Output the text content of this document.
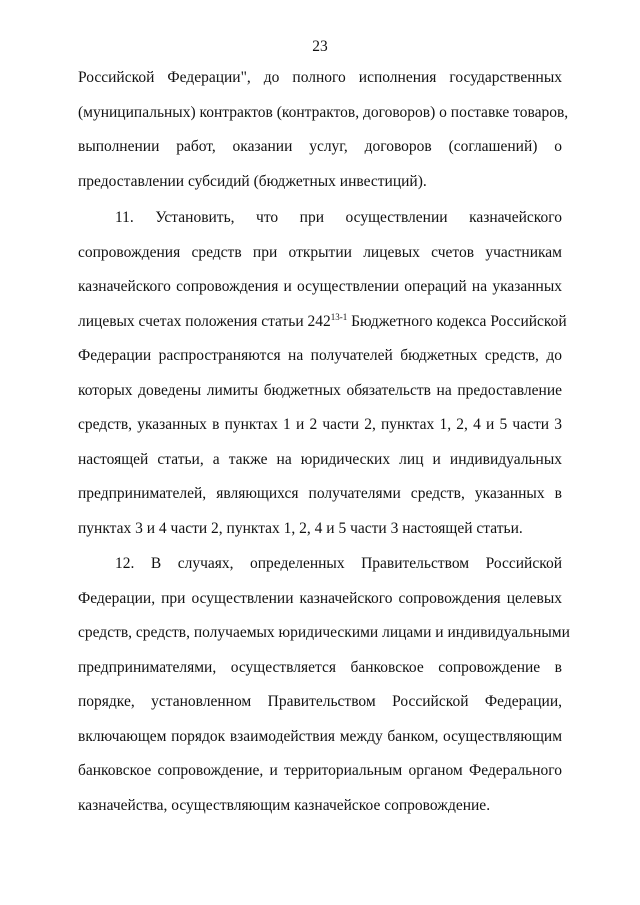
23
Российской Федерации", до полного исполнения государственных
(муниципальных) контрактов (контрактов, договоров) о поставке товаров,
выполнении работ, оказании услуг, договоров (соглашений) о
предоставлении субсидий (бюджетных инвестиций).
11. Установить, что при осуществлении казначейского
сопровождения средств при открытии лицевых счетов участникам
казначейского сопровождения и осуществлении операций на указанных
лицевых счетах положения статьи 242$^{13-1}$ Бюджетного кодекса Российской
Федерации распространяются на получателей бюджетных средств, до
которых доведены лимиты бюджетных обязательств на предоставление
средств, указанных в пунктах 1 и 2 части 2, пунктах 1, 2, 4 и 5 части 3
настоящей статьи, а также на юридических лиц и индивидуальных
предпринимателей, являющихся получателями средств, указанных в
пунктах 3 и 4 части 2, пунктах 1, 2, 4 и 5 части 3 настоящей статьи.
12. В случаях, определенных Правительством Российской
Федерации, при осуществлении казначейского сопровождения целевых
средств, средств, получаемых юридическими лицами и индивидуальными
предпринимателями, осуществляется банковское сопровождение в
порядке, установленном Правительством Российской Федерации,
включающем порядок взаимодействия между банком, осуществляющим
банковское сопровождение, и территориальным органом Федерального
казначейства, осуществляющим казначейское сопровождение.
